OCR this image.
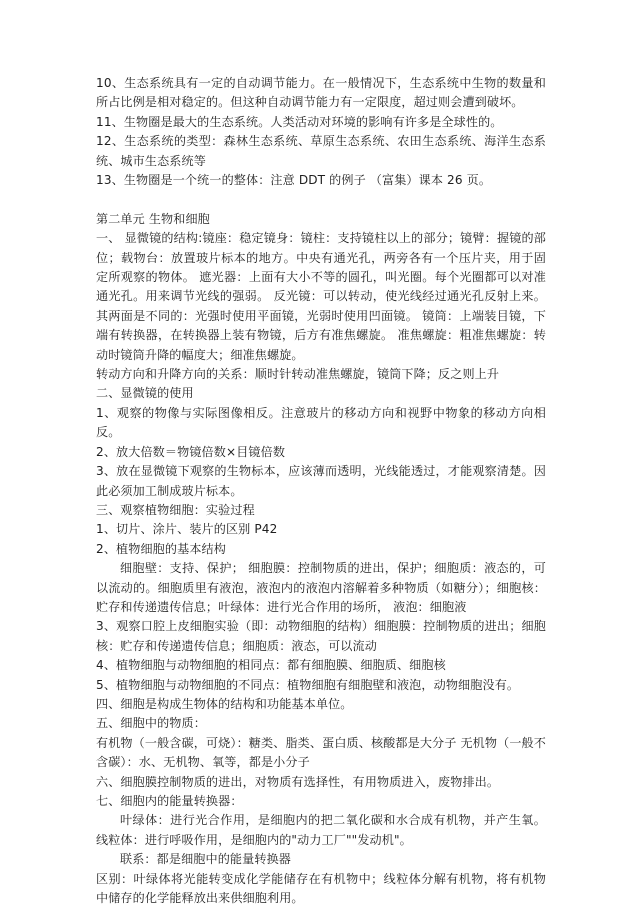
10、生态系统具有一定的自动调节能力。在一般情况下，生态系统中生物的数量和所占比例是相对稳定的。但这种自动调节能力有一定限度，超过则会遭到破坏。

11、生物圈是最大的生态系统。人类活动对环境的影响有许多是全球性的。

12、生态系统的类型：森林生态系统、草原生态系统、农田生态系统、海洋生态系统、城市生态系统等

13、生物圈是一个统一的整体：注意 DDT 的例子 （富集）课本 26 页。

第二单元 生物和细胞

一、 显微镜的结构:镜座：稳定镜身：镜柱：支持镜柱以上的部分；镜臂：握镜的部位；载物台：放置玻片标本的地方。中央有通光孔，两旁各有一个压片夹，用于固定所观察的物体。 遮光器：上面有大小不等的圆孔，叫光圈。每个光圈都可以对准通光孔。用来调节光线的强弱。 反光镜：可以转动，使光线经过通光孔反射上来。其两面是不同的：光强时使用平面镜，光弱时使用凹面镜。 镜筒：上端装目镜，下端有转换器，在转换器上装有物镜，后方有准焦螺旋。 准焦螺旋：粗准焦螺旋：转动时镜筒升降的幅度大；细准焦螺旋。

转动方向和升降方向的关系：顺时针转动准焦螺旋，镜筒下降；反之则上升

二、显微镜的使用

1、观察的物像与实际图像相反。注意玻片的移动方向和视野中物象的移动方向相反。

2、放大倍数＝物镜倍数×目镜倍数

3、放在显微镜下观察的生物标本，应该薄而透明，光线能透过，才能观察清楚。因此必须加工制成玻片标本。

三、观察植物细胞：实验过程

1、切片、涂片、装片的区别 P42

2、植物细胞的基本结构

细胞壁：支持、保护； 细胞膜：控制物质的进出，保护；细胞质：液态的，可以流动的。细胞质里有液泡，液泡内的液泡内溶解着多种物质（如糖分）；细胞核：贮存和传递遗传信息；叶绿体：进行光合作用的场所， 液泡：细胞液

3、观察口腔上皮细胞实验（即：动物细胞的结构）细胞膜：控制物质的进出；细胞核：贮存和传递遗传信息；细胞质：液态，可以流动

4、植物细胞与动物细胞的相同点：都有细胞膜、细胞质、细胞核

5、植物细胞与动物细胞的不同点：植物细胞有细胞壁和液泡，动物细胞没有。

四、细胞是构成生物体的结构和功能基本单位。

五、细胞中的物质：

有机物（一般含碳，可烧）：糖类、脂类、蛋白质、核酸都是大分子 无机物（一般不含碳）：水、无机物、氧等，都是小分子

六、细胞膜控制物质的进出，对物质有选择性，有用物质进入，废物排出。

七、细胞内的能量转换器：

叶绿体：进行光合作用，是细胞内的把二氧化碳和水合成有机物，并产生氧。 线粒体：进行呼吸作用，是细胞内的"动力工厂""发动机"。

联系：都是细胞中的能量转换器

区别：叶绿体将光能转变成化学能储存在有机物中；线粒体分解有机物，将有机物中储存的化学能释放出来供细胞利用。
